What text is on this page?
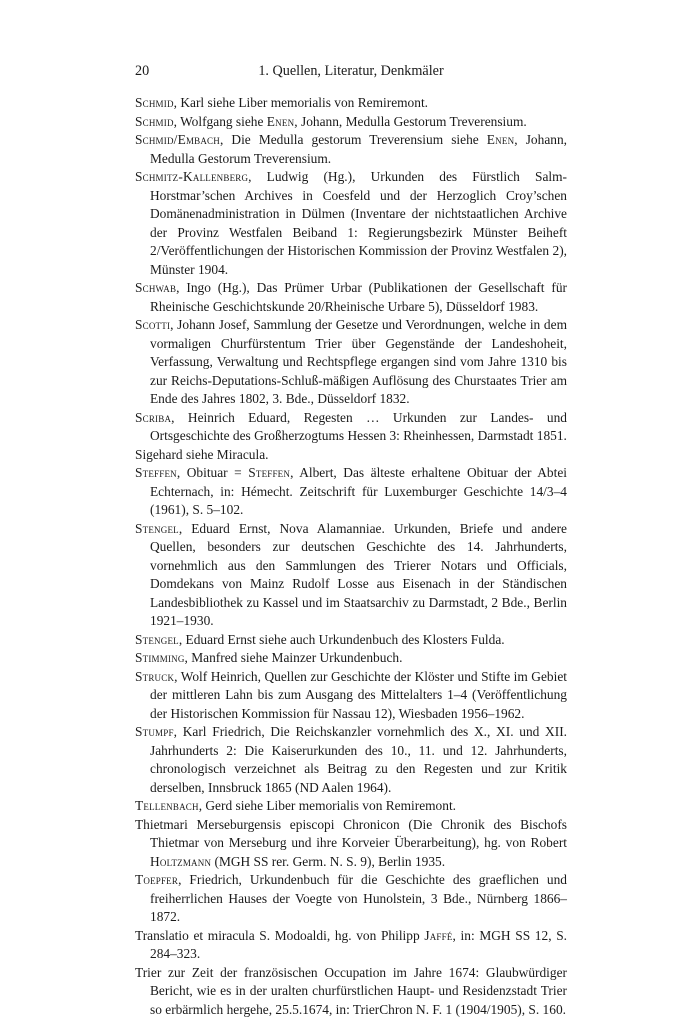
20	1. Quellen, Literatur, Denkmäler

Schmid, Karl siehe Liber memorialis von Remiremont.

Schmid, Wolfgang siehe Enen, Johann, Medulla Gestorum Treverensium.

Schmid/Embach, Die Medulla gestorum Treverensium siehe Enen, Johann, Medulla Gestorum Treverensium.

Schmitz-Kallenberg, Ludwig (Hg.), Urkunden des Fürstlich Salm-Horstmar’schen Archives in Coesfeld und der Herzoglich Croy’schen Domänenadministration in Dülmen (Inventare der nichtstaatlichen Archive der Provinz Westfalen Beiband 1: Regierungsbezirk Münster Beiheft 2/Veröffentlichungen der Historischen Kommission der Provinz Westfalen 2), Münster 1904.

Schwab, Ingo (Hg.), Das Prümer Urbar (Publikationen der Gesellschaft für Rheinische Geschichtskunde 20/Rheinische Urbare 5), Düsseldorf 1983.

Scotti, Johann Josef, Sammlung der Gesetze und Verordnungen, welche in dem vormaligen Churfürstentum Trier über Gegenstände der Landeshoheit, Verfassung, Verwaltung und Rechtspflege ergangen sind vom Jahre 1310 bis zur Reichs-Deputations-Schluß-mäßigen Auflösung des Churstaates Trier am Ende des Jahres 1802, 3. Bde., Düsseldorf 1832.

Scriba, Heinrich Eduard, Regesten … Urkunden zur Landes- und Ortsgeschichte des Großherzogtums Hessen 3: Rheinhessen, Darmstadt 1851.

Sigehard siehe Miracula.

Steffen, Obituar = Steffen, Albert, Das älteste erhaltene Obituar der Abtei Echternach, in: Hémecht. Zeitschrift für Luxemburger Geschichte 14/3–4 (1961), S. 5–102.

Stengel, Eduard Ernst, Nova Alamanniae. Urkunden, Briefe und andere Quellen, besonders zur deutschen Geschichte des 14. Jahrhunderts, vornehmlich aus den Sammlungen des Trierer Notars und Officials, Domdekans von Mainz Rudolf Losse aus Eisenach in der Ständischen Landesbibliothek zu Kassel und im Staatsarchiv zu Darmstadt, 2 Bde., Berlin 1921–1930.

Stengel, Eduard Ernst siehe auch Urkundenbuch des Klosters Fulda.

Stimming, Manfred siehe Mainzer Urkundenbuch.

Struck, Wolf Heinrich, Quellen zur Geschichte der Klöster und Stifte im Gebiet der mittleren Lahn bis zum Ausgang des Mittelalters 1–4 (Veröffentlichung der Historischen Kommission für Nassau 12), Wiesbaden 1956–1962.

Stumpf, Karl Friedrich, Die Reichskanzler vornehmlich des X., XI. und XII. Jahrhunderts 2: Die Kaiserurkunden des 10., 11. und 12. Jahrhunderts, chronologisch verzeichnet als Beitrag zu den Regesten und zur Kritik derselben, Innsbruck 1865 (ND Aalen 1964).

Tellenbach, Gerd siehe Liber memorialis von Remiremont.

Thietmari Merseburgensis episcopi Chronicon (Die Chronik des Bischofs Thietmar von Merseburg und ihre Korveier Überarbeitung), hg. von Robert Holtzmann (MGH SS rer. Germ. N. S. 9), Berlin 1935.

Toepfer, Friedrich, Urkundenbuch für die Geschichte des graeflichen und freiherrlichen Hauses der Voegte von Hunolstein, 3 Bde., Nürnberg 1866–1872.

Translatio et miracula S. Modoaldi, hg. von Philipp Jaffé, in: MGH SS 12, S. 284–323.

Trier zur Zeit der französischen Occupation im Jahre 1674: Glaubwürdiger Bericht, wie es in der uralten churfürstlichen Haupt- und Residenzstadt Trier so erbärmlich hergehe, 25.5.1674, in: TrierChron N. F. 1 (1904/1905), S. 160.
